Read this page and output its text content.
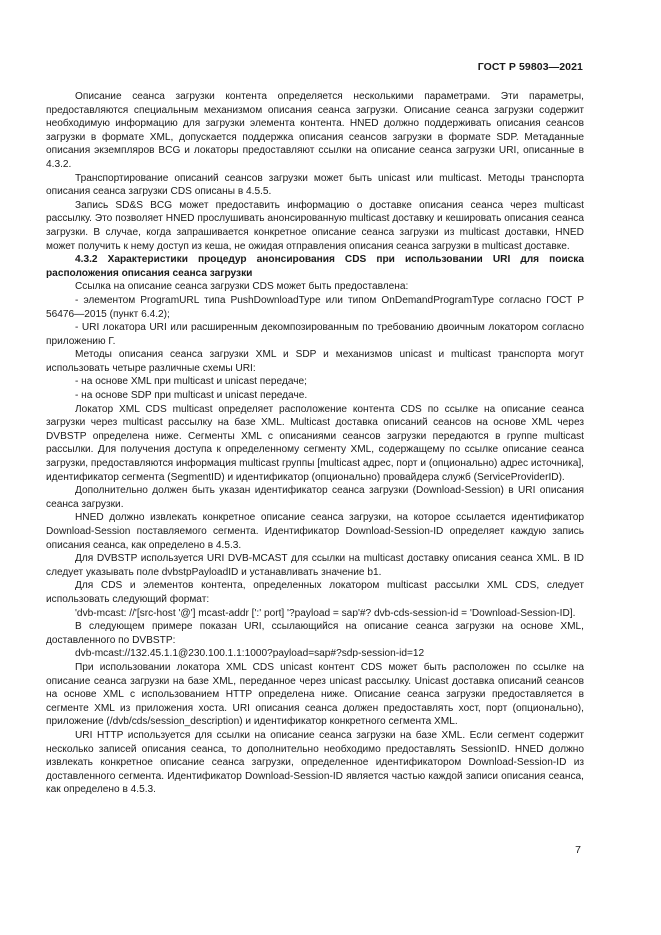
ГОСТ Р 59803—2021

Описание сеанса загрузки контента определяется несколькими параметрами. Эти параметры, предоставляются специальным механизмом описания сеанса загрузки. Описание сеанса загрузки содержит необходимую информацию для загрузки элемента контента. HNED должно поддерживать описания сеансов загрузки в формате XML, допускается поддержка описания сеансов загрузки в формате SDP. Метаданные описания экземпляров BCG и локаторы предоставляют ссылки на описание сеанса загрузки URI, описанные в 4.3.2.

Транспортирование описаний сеансов загрузки может быть unicast или multicast. Методы транспорта описания сеанса загрузки CDS описаны в 4.5.5.

Запись SD&S BCG может предоставить информацию о доставке описания сеанса через multicast рассылку. Это позволяет HNED прослушивать анонсированную multicast доставку и кешировать описания сеанса загрузки. В случае, когда запрашивается конкретное описание сеанса загрузки из multicast доставки, HNED может получить к нему доступ из кеша, не ожидая отправления описания сеанса загрузки в multicast доставке.

4.3.2 Характеристики процедур анонсирования CDS при использовании URI для поиска расположения описания сеанса загрузки

Ссылка на описание сеанса загрузки CDS может быть предоставлена:

- элементом ProgramURL типа PushDownloadType или типом OnDemandProgramType согласно ГОСТ Р 56476—2015 (пункт 6.4.2);

- URI локатора URI или расширенным декомпозированным по требованию двоичным локатором согласно приложению Г.

Методы описания сеанса загрузки XML и SDP и механизмов unicast и multicast транспорта могут использовать четыре различные схемы URI:

- на основе XML при multicast и unicast передаче;

- на основе SDP при multicast и unicast передаче.

Локатор XML CDS multicast определяет расположение контента CDS по ссылке на описание сеанса загрузки через multicast рассылку на базе XML. Multicast доставка описаний сеансов на основе XML через DVBSTP определена ниже. Сегменты XML с описаниями сеансов загрузки передаются в группе multicast рассылки. Для получения доступа к определенному сегменту XML, содержащему по ссылке описание сеанса загрузки, предоставляются информация multicast группы [multicast адрес, порт и (опционально) адрес источника], идентификатор сегмента (SegmentID) и идентификатор (опционально) провайдера служб (ServiceProviderID).

Дополнительно должен быть указан идентификатор сеанса загрузки (Download-Session) в URI описания сеанса загрузки.

HNED должно извлекать конкретное описание сеанса загрузки, на которое ссылается идентификатор Download-Session поставляемого сегмента. Идентификатор Download-Session-ID определяет каждую запись описания сеанса, как определено в 4.5.3.

Для DVBSTP используется URI DVB-MCAST для ссылки на multicast доставку описания сеанса XML. В ID следует указывать поле dvbstpPayloadID и устанавливать значение b1.

Для CDS и элементов контента, определенных локатором multicast рассылки XML CDS, следует использовать следующий формат:

'dvb-mcast: //'[src-host '@'] mcast-addr [':' port] '?payload = sap'#? dvb-cds-session-id = 'Download-Session-ID].

В следующем примере показан URI, ссылающийся на описание сеанса загрузки на основе XML, доставленного по DVBSTP:

dvb-mcast://132.45.1.1@230.100.1.1:1000?payload=sap#?sdp-session-id=12

При использовании локатора XML CDS unicast контент CDS может быть расположен по ссылке на описание сеанса загрузки на базе XML, переданное через unicast рассылку. Unicast доставка описаний сеансов на основе XML с использованием HTTP определена ниже. Описание сеанса загрузки предоставляется в сегменте XML из приложения хоста. URI описания сеанса должен предоставлять хост, порт (опционально), приложение (/dvb/cds/session_description) и идентификатор конкретного сегмента XML.

URI HTTP используется для ссылки на описание сеанса загрузки на базе XML. Если сегмент содержит несколько записей описания сеанса, то дополнительно необходимо предоставлять SessionID. HNED должно извлекать конкретное описание сеанса загрузки, определенное идентификатором Download-Session-ID из доставленного сегмента. Идентификатор Download-Session-ID является частью каждой записи описания сеанса, как определено в 4.5.3.

7
